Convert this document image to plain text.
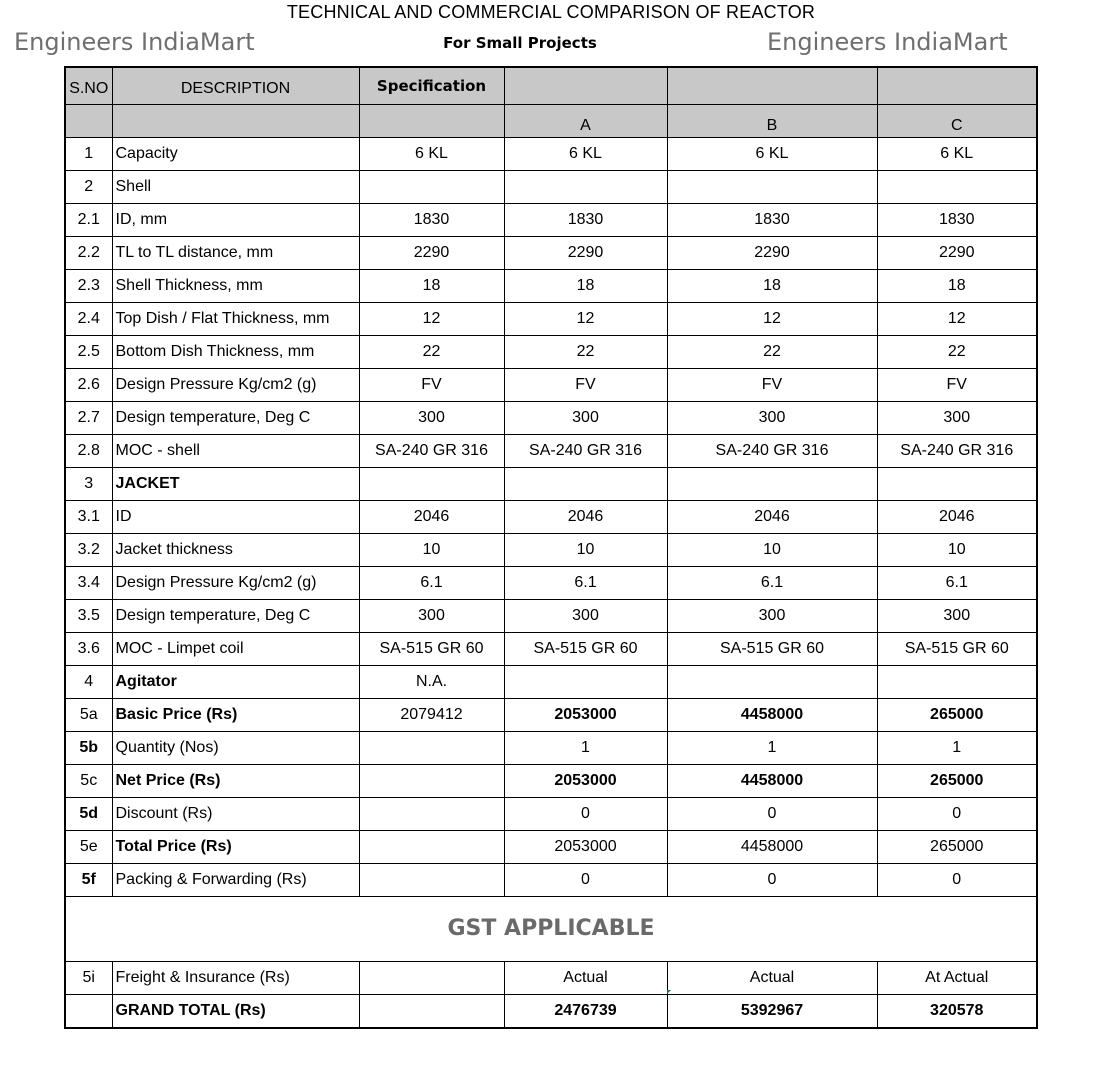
TECHNICAL AND COMMERCIAL COMPARISON OF REACTOR
Engineers IndiaMart	For Small Projects	Engineers IndiaMart
S.NO	DESCRIPTION	Specification			
			A	B	C
1	Capacity	6 KL	6 KL	6 KL	6 KL
2	Shell				
2.1	ID, mm	1830	1830	1830	1830
2.2	TL to TL distance, mm	2290	2290	2290	2290
2.3	Shell Thickness, mm	18	18	18	18
2.4	Top Dish / Flat Thickness, mm	12	12	12	12
2.5	Bottom Dish Thickness, mm	22	22	22	22
2.6	Design Pressure Kg/cm2 (g)	FV	FV	FV	FV
2.7	Design temperature, Deg C	300	300	300	300
2.8	MOC - shell	SA-240 GR 316	SA-240 GR 316	SA-240 GR 316	SA-240 GR 316
3	JACKET				
3.1	ID	2046	2046	2046	2046
3.2	Jacket thickness	10	10	10	10
3.4	Design Pressure Kg/cm2 (g)	6.1	6.1	6.1	6.1
3.5	Design temperature, Deg C	300	300	300	300
3.6	MOC - Limpet coil	SA-515 GR 60	SA-515 GR 60	SA-515 GR 60	SA-515 GR 60
4	Agitator	N.A.			
5a	Basic Price (Rs)	2079412	2053000	4458000	265000
5b	Quantity (Nos)		1	1	1
5c	Net Price (Rs)		2053000	4458000	265000
5d	Discount (Rs)		0	0	0
5e	Total Price (Rs)		2053000	4458000	265000
5f	Packing & Forwarding (Rs)		0	0	0
GST APPLICABLE					
5i	Freight & Insurance (Rs)		Actual	Actual	At Actual
	GRAND TOTAL (Rs)		2476739	5392967	320578
